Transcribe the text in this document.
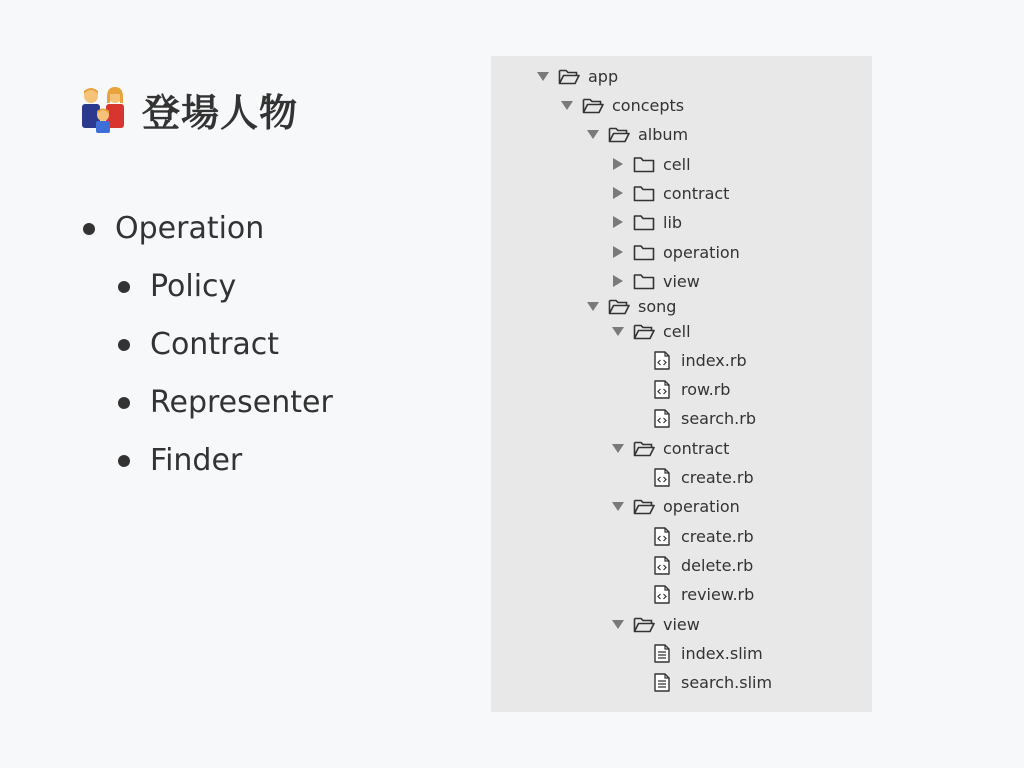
登場人物
Operation
Policy
Contract
Representer
Finder
app
concepts
album
cell
contract
lib
operation
view
song
cell
index.rb
row.rb
search.rb
contract
create.rb
operation
create.rb
delete.rb
review.rb
view
index.slim
search.slim
